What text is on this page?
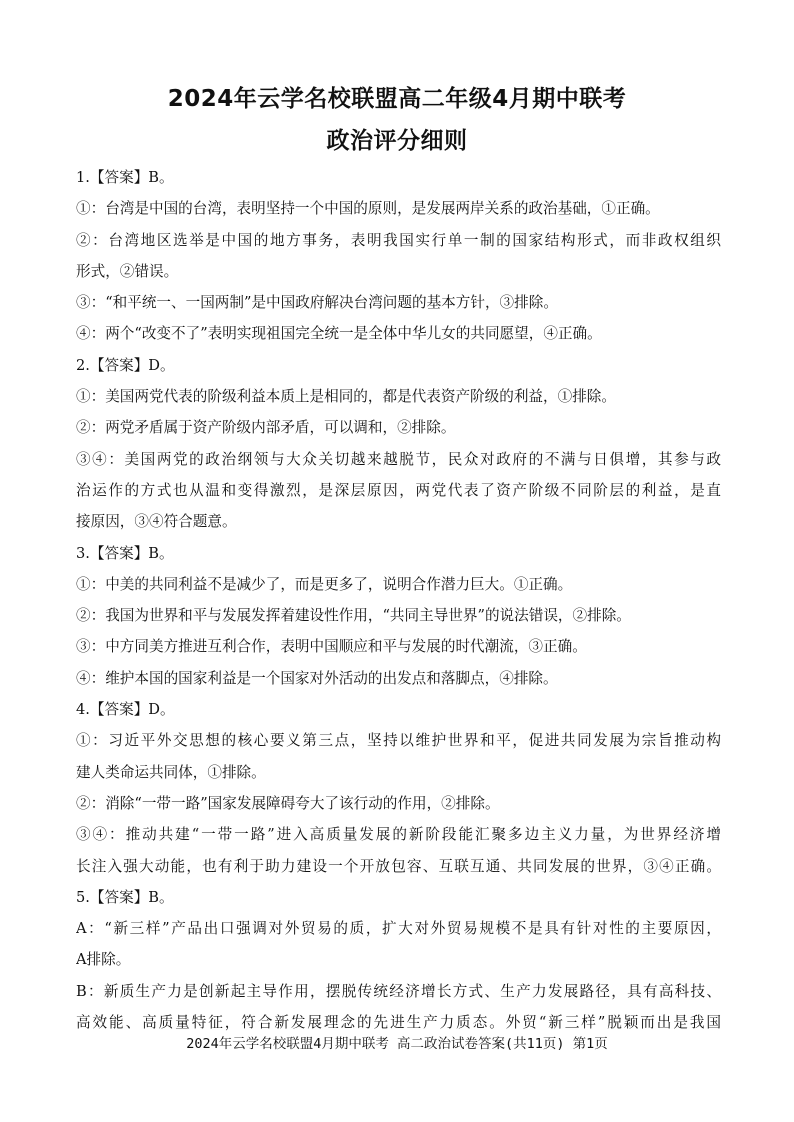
2024年云学名校联盟高二年级4月期中联考
政治评分细则
1.【答案】B。
①：台湾是中国的台湾，表明坚持一个中国的原则，是发展两岸关系的政治基础，①正确。
②：台湾地区选举是中国的地方事务，表明我国实行单一制的国家结构形式，而非政权组织
形式，②错误。
③：“和平统一、一国两制”是中国政府解决台湾问题的基本方针，③排除。
④：两个“改变不了”表明实现祖国完全统一是全体中华儿女的共同愿望，④正确。
2.【答案】D。
①：美国两党代表的阶级利益本质上是相同的，都是代表资产阶级的利益，①排除。
②：两党矛盾属于资产阶级内部矛盾，可以调和，②排除。
③④：美国两党的政治纲领与大众关切越来越脱节，民众对政府的不满与日俱增，其参与政
治运作的方式也从温和变得激烈，是深层原因，两党代表了资产阶级不同阶层的利益，是直
接原因，③④符合题意。
3.【答案】B。
①：中美的共同利益不是减少了，而是更多了，说明合作潜力巨大。①正确。
②：我国为世界和平与发展发挥着建设性作用，“共同主导世界”的说法错误，②排除。
③：中方同美方推进互利合作，表明中国顺应和平与发展的时代潮流，③正确。
④：维护本国的国家利益是一个国家对外活动的出发点和落脚点，④排除。
4.【答案】D。
①：习近平外交思想的核心要义第三点，坚持以维护世界和平，促进共同发展为宗旨推动构
建人类命运共同体，①排除。
②：消除“一带一路”国家发展障碍夸大了该行动的作用，②排除。
③④：推动共建“一带一路”进入高质量发展的新阶段能汇聚多边主义力量，为世界经济增
长注入强大动能，也有利于助力建设一个开放包容、互联互通、共同发展的世界，③④正确。
5.【答案】B。
A：“新三样”产品出口强调对外贸易的质，扩大对外贸易规模不是具有针对性的主要原因，
A排除。
B：新质生产力是创新起主导作用，摆脱传统经济增长方式、生产力发展路径，具有高科技、
高效能、高质量特征，符合新发展理念的先进生产力质态。外贸“新三样”脱颖而出是我国
2024年云学名校联盟4月期中联考 高二政治试卷答案(共11页) 第1页
